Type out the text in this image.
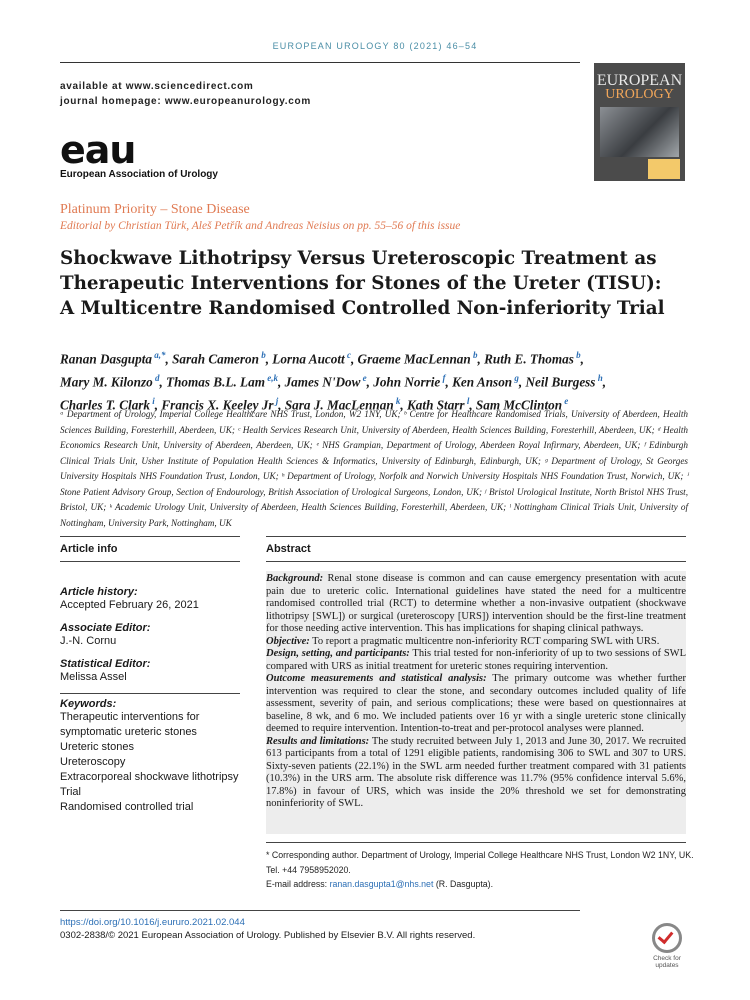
EUROPEAN UROLOGY 80 (2021) 46–54
available at www.sciencedirect.com
journal homepage: www.europeanurology.com
EUROPEAN
UROLOGY
eau
European Association of Urology
Platinum Priority – Stone Disease
Editorial by Christian Türk, Aleš Petřík and Andreas Neisius on pp. 55–56 of this issue
Shockwave Lithotripsy Versus Ureteroscopic Treatment as
Therapeutic Interventions for Stones of the Ureter (TISU):
A Multicentre Randomised Controlled Non-inferiority Trial
Ranan Dasgupta $^{a,*}$, Sarah Cameron $^b$, Lorna Aucott $^c$, Graeme MacLennan $^b$, Ruth E. Thomas $^b$,
Mary M. Kilonzo $^d$, Thomas B.L. Lam $^{e,k}$, James N'Dow $^e$, John Norrie $^f$, Ken Anson $^g$, Neil Burgess $^h$,
Charles T. Clark $^i$, Francis X. Keeley Jr $^j$, Sara J. MacLennan $^k$, Kath Starr $^l$, Sam McClinton $^e$
ᵃ Department of Urology, Imperial College Healthcare NHS Trust, London, W2 1NY, UK; ᵇ Centre for Healthcare Randomised Trials, University of Aberdeen, Health Sciences Building, Foresterhill, Aberdeen, UK; ᶜ Health Services Research Unit, University of Aberdeen, Health Sciences Building, Foresterhill, Aberdeen, UK; ᵈ Health Economics Research Unit, University of Aberdeen, Aberdeen, UK; ᵉ NHS Grampian, Department of Urology, Aberdeen Royal Infirmary, Aberdeen, UK; ᶠ Edinburgh Clinical Trials Unit, Usher Institute of Population Health Sciences & Informatics, University of Edinburgh, Edinburgh, UK; ᵍ Department of Urology, St Georges University Hospitals NHS Foundation Trust, London, UK; ʰ Department of Urology, Norfolk and Norwich University Hospitals NHS Foundation Trust, Norwich, UK; ⁱ Stone Patient Advisory Group, Section of Endourology, British Association of Urological Surgeons, London, UK; ʲ Bristol Urological Institute, North Bristol NHS Trust, Bristol, UK; ᵏ Academic Urology Unit, University of Aberdeen, Health Sciences Building, Foresterhill, Aberdeen, UK; ˡ Nottingham Clinical Trials Unit, University of Nottingham, University Park, Nottingham, UK
Article info
Article history:
Accepted February 26, 2021
Associate Editor:
J.-N. Cornu
Statistical Editor:
Melissa Assel
Keywords:
Therapeutic interventions for symptomatic ureteric stones
Ureteric stones
Ureteroscopy
Extracorporeal shockwave lithotripsy
Trial
Randomised controlled trial
Abstract

Background: Renal stone disease is common and can cause emergency presentation with acute pain due to ureteric colic. International guidelines have stated the need for a multicentre randomised controlled trial (RCT) to determine whether a non-invasive outpatient (shockwave lithotripsy [SWL]) or surgical (ureteroscopy [URS]) intervention should be the first-line treatment for those needing active intervention. This has implications for shaping clinical pathways.

Objective: To report a pragmatic multicentre non-inferiority RCT comparing SWL with URS.

Design, setting, and participants: This trial tested for non-inferiority of up to two sessions of SWL compared with URS as initial treatment for ureteric stones requiring intervention.

Outcome measurements and statistical analysis: The primary outcome was whether further intervention was required to clear the stone, and secondary outcomes included quality of life assessment, severity of pain, and serious complications; these were based on questionnaires at baseline, 8 wk, and 6 mo. We included patients over 16 yr with a single ureteric stone clinically deemed to require intervention. Intention-to-treat and per-protocol analyses were planned.

Results and limitations: The study recruited between July 1, 2013 and June 30, 2017. We recruited 613 participants from a total of 1291 eligible patients, randomising 306 to SWL and 307 to URS. Sixty-seven patients (22.1%) in the SWL arm needed further treatment compared with 31 patients (10.3%) in the URS arm. The absolute risk difference was 11.7% (95% confidence interval 5.6%, 17.8%) in favour of URS, which was inside the 20% threshold we set for demonstrating noninferiority of SWL.

* Corresponding author. Department of Urology, Imperial College Healthcare NHS Trust, London W2 1NY, UK. Tel. +44 7958952020.
E-mail address: ranan.dasgupta1@nhs.net (R. Dasgupta).
https://doi.org/10.1016/j.eururo.2021.02.044
0302-2838/© 2021 European Association of Urology. Published by Elsevier B.V. All rights reserved.
Check for updates
